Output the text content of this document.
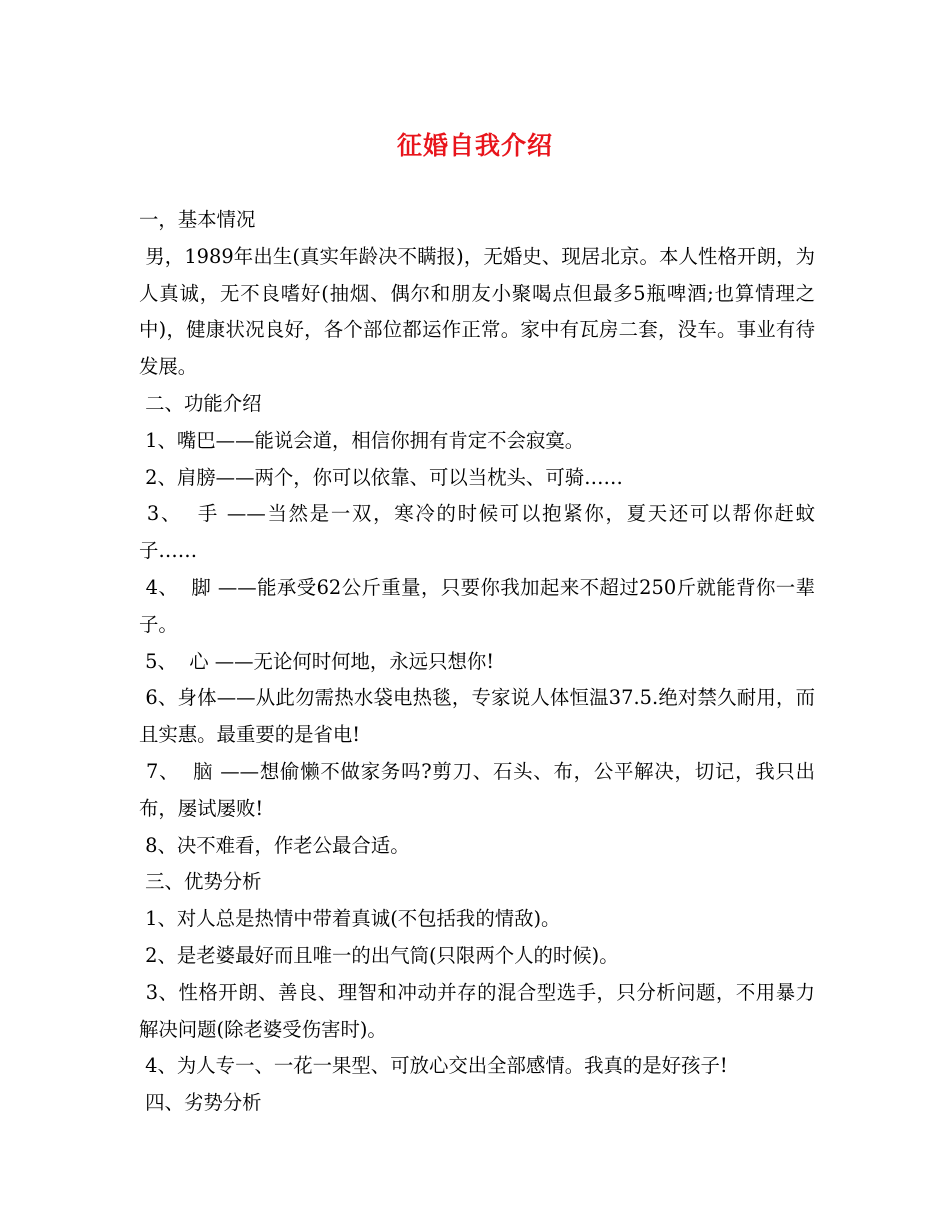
征婚自我介绍

一，基本情况

男，1989年出生(真实年龄决不瞒报)，无婚史、现居北京。本人性格开朗，为人真诚，无不良嗜好(抽烟、偶尔和朋友小聚喝点但最多5瓶啤酒;也算情理之中)，健康状况良好，各个部位都运作正常。家中有瓦房二套，没车。事业有待发展。

二、功能介绍

1、嘴巴——能说会道，相信你拥有肯定不会寂寞。

2、肩膀——两个，你可以依靠、可以当枕头、可骑……

3、  手 ——当然是一双，寒冷的时候可以抱紧你，夏天还可以帮你赶蚊子……

4、  脚 ——能承受62公斤重量，只要你我加起来不超过250斤就能背你一辈子。

5、  心 ——无论何时何地，永远只想你!

6、身体——从此勿需热水袋电热毯，专家说人体恒温37.5.绝对禁久耐用，而且实惠。最重要的是省电!

7、  脑 ——想偷懒不做家务吗?剪刀、石头、布，公平解决，切记，我只出布，屡试屡败!

8、决不难看，作老公最合适。

三、优势分析

1、对人总是热情中带着真诚(不包括我的情敌)。

2、是老婆最好而且唯一的出气筒(只限两个人的时候)。

3、性格开朗、善良、理智和冲动并存的混合型选手，只分析问题，不用暴力解决问题(除老婆受伤害时)。

4、为人专一、一花一果型、可放心交出全部感情。我真的是好孩子!

四、劣势分析
